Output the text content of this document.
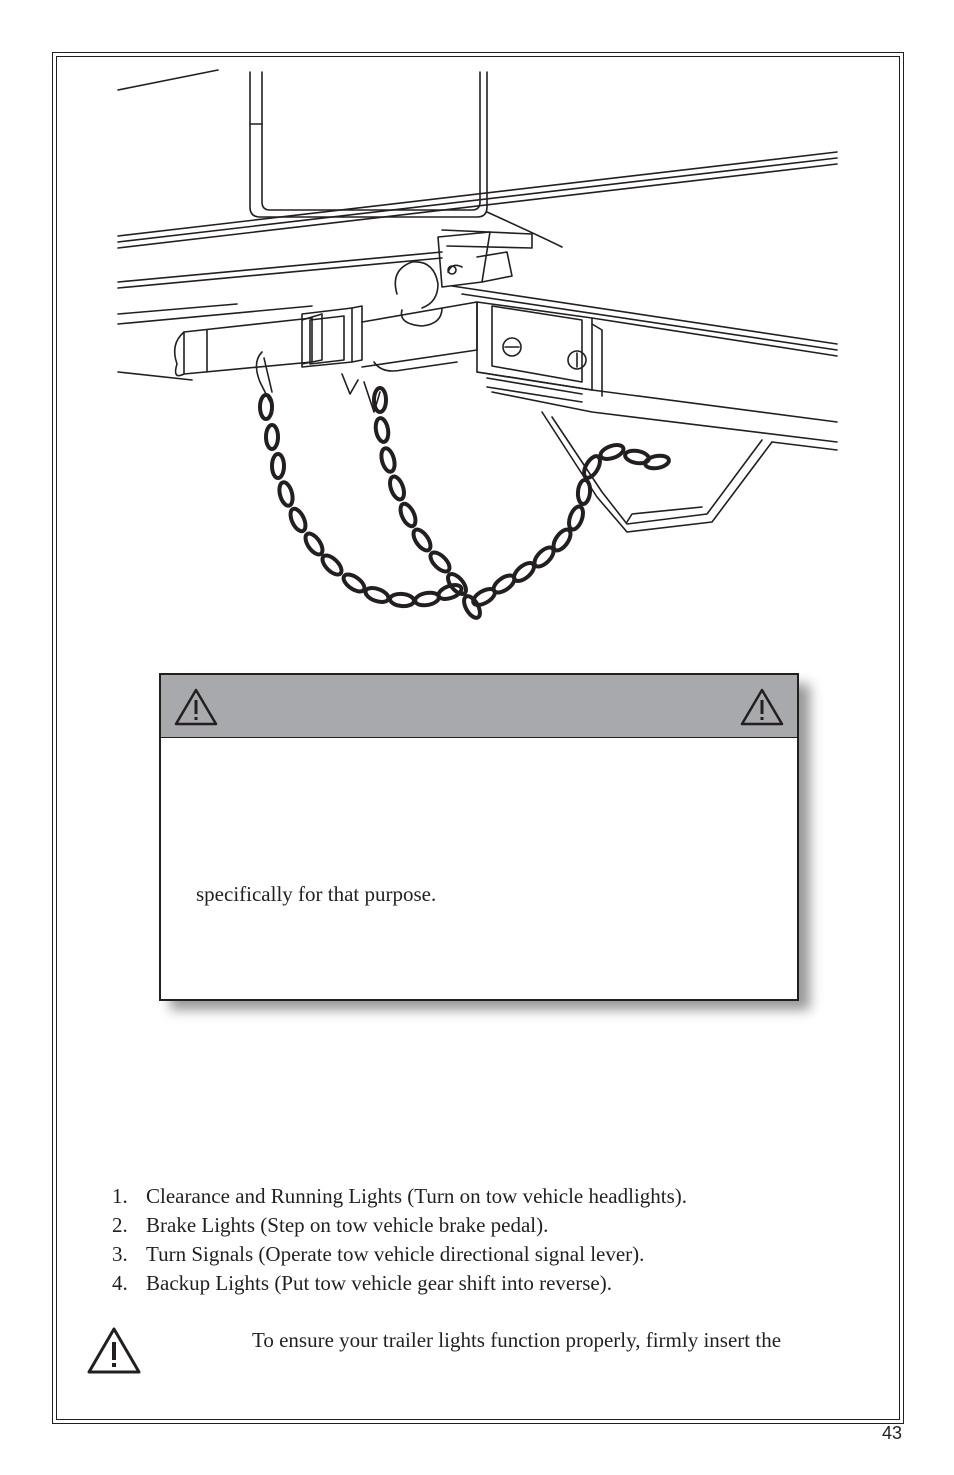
specifically for that purpose.
1. Clearance and Running Lights (Turn on tow vehicle headlights).
2. Brake Lights (Step on tow vehicle brake pedal).
3. Turn Signals (Operate tow vehicle directional signal lever).
4. Backup Lights (Put tow vehicle gear shift into reverse).
To ensure your trailer lights function properly, firmly insert the
43
